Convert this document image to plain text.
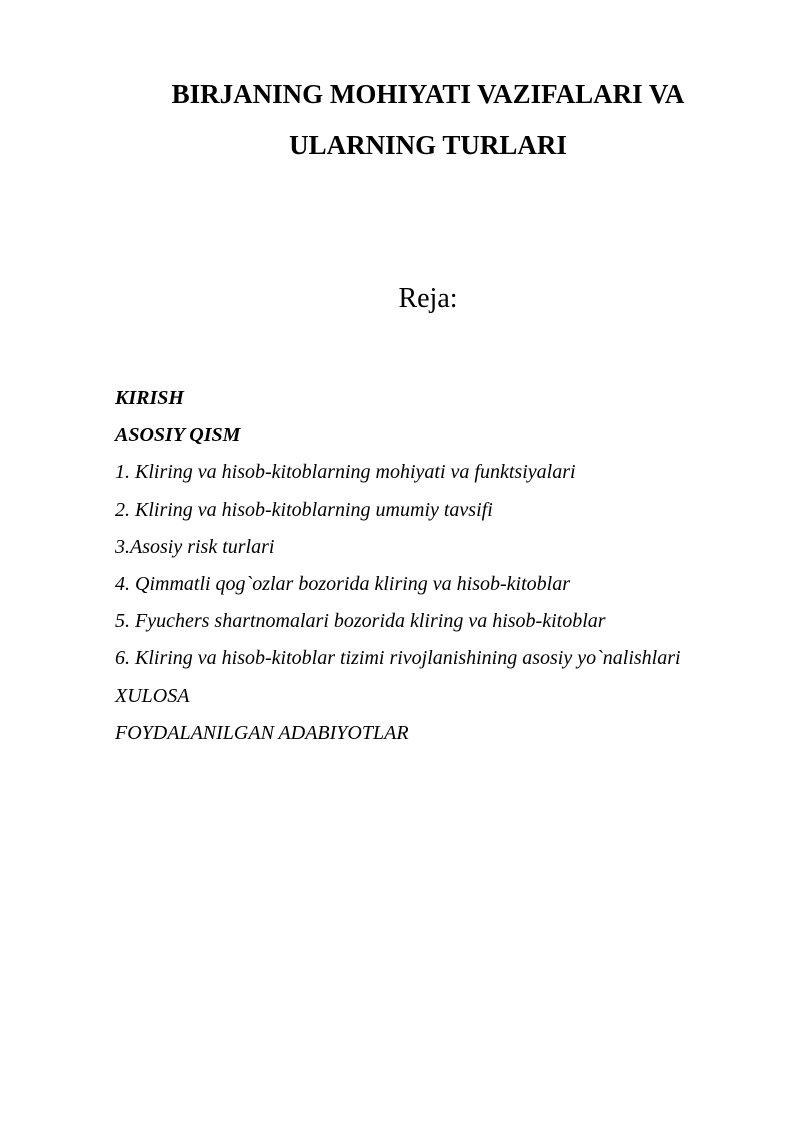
BIRJANING MOHIYATI VAZIFALARI VA
ULARNING TURLARI
Reja:
KIRISH
ASOSIY QISM
1. Kliring va hisob-kitoblarning mohiyati va funktsiyalari
2. Kliring va hisob-kitoblarning umumiy tavsifi
3.Asosiy risk turlari
4. Qimmatli qog`ozlar bozorida kliring va hisob-kitoblar
5. Fyuchers shartnomalari bozorida kliring va hisob-kitoblar
6. Kliring va hisob-kitoblar tizimi rivojlanishining asosiy yo`nalishlari
XULOSA
FOYDALANILGAN ADABIYOTLAR
